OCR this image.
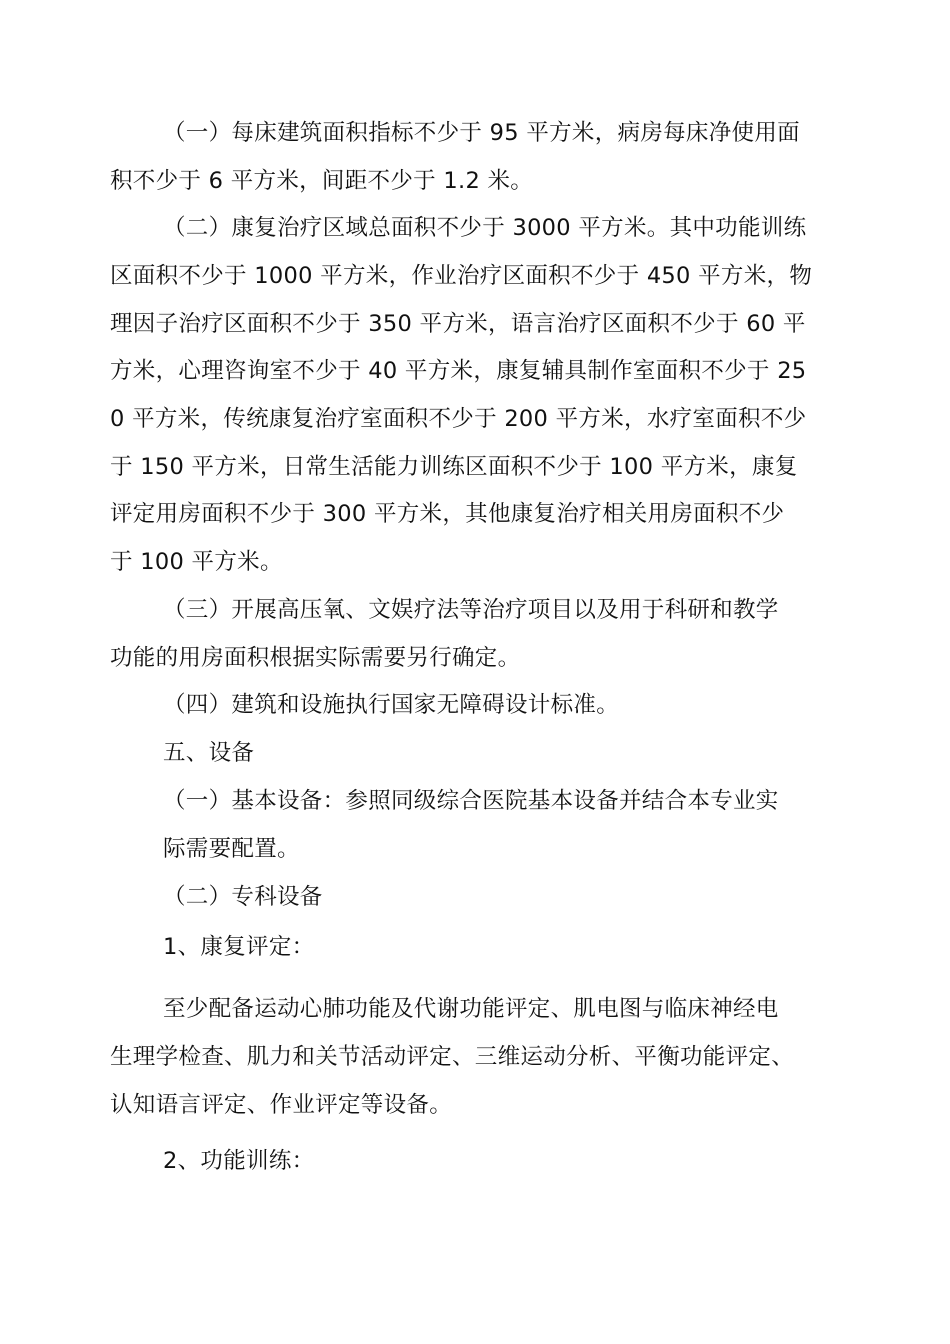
（一）每床建筑面积指标不少于 95 平方米，病房每床净使用面
积不少于 6 平方米，间距不少于 1.2 米。
（二）康复治疗区域总面积不少于 3000 平方米。其中功能训练
区面积不少于 1000 平方米，作业治疗区面积不少于 450 平方米，物
理因子治疗区面积不少于 350 平方米，语言治疗区面积不少于 60 平
方米，心理咨询室不少于 40 平方米，康复辅具制作室面积不少于 25
0 平方米，传统康复治疗室面积不少于 200 平方米，水疗室面积不少
于 150 平方米，日常生活能力训练区面积不少于 100 平方米，康复
评定用房面积不少于 300 平方米，其他康复治疗相关用房面积不少
于 100 平方米。
（三）开展高压氧、文娱疗法等治疗项目以及用于科研和教学
功能的用房面积根据实际需要另行确定。
（四）建筑和设施执行国家无障碍设计标准。
五、设备
（一）基本设备：参照同级综合医院基本设备并结合本专业实
际需要配置。
（二）专科设备
1、康复评定：
至少配备运动心肺功能及代谢功能评定、肌电图与临床神经电
生理学检查、肌力和关节活动评定、三维运动分析、平衡功能评定、
认知语言评定、作业评定等设备。
2、功能训练：
